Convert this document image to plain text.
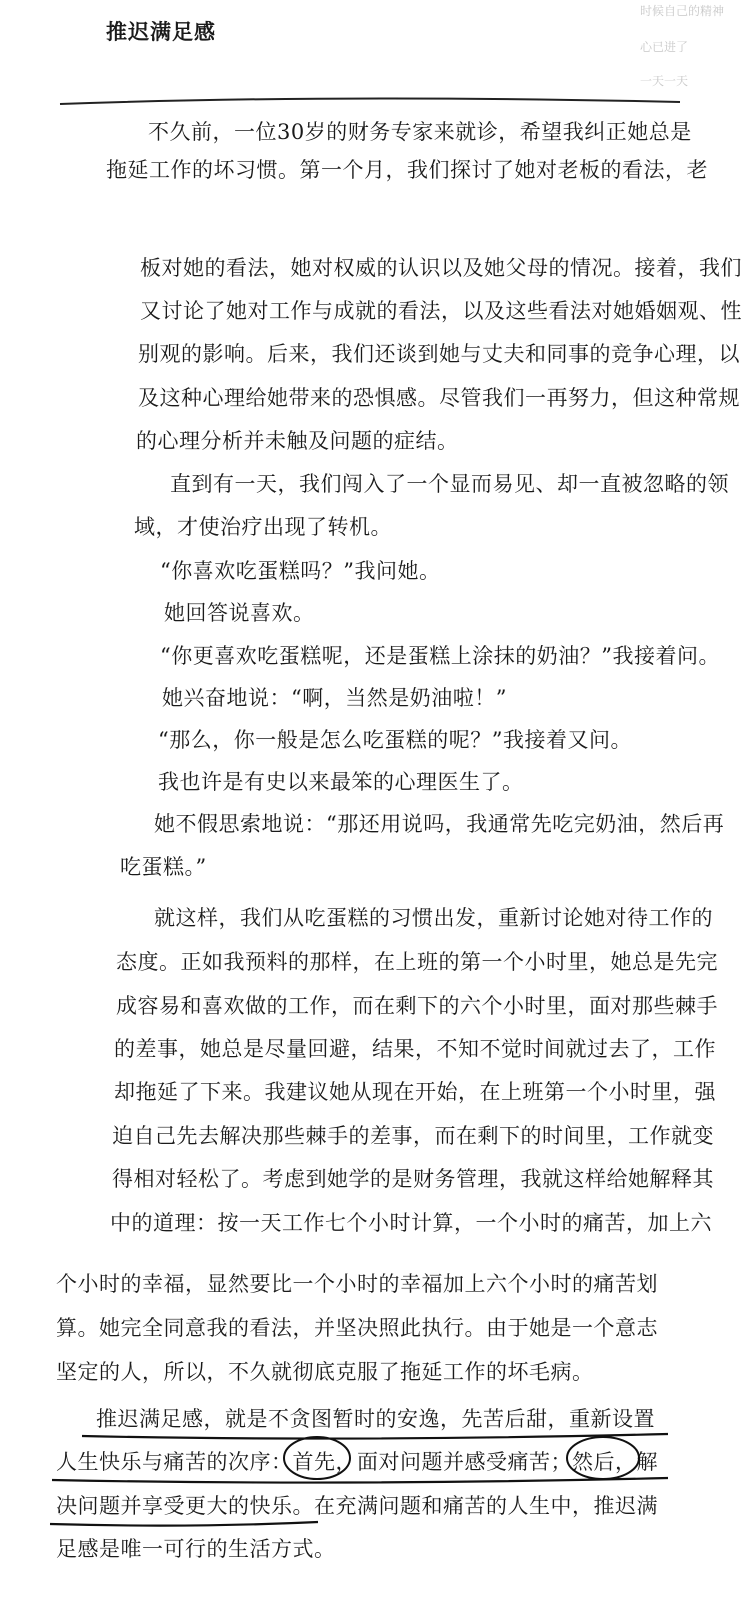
推迟满足感
时候自己的精神
心已进了
一天一天
不久前，一位30岁的财务专家来就诊，希望我纠正她总是
拖延工作的坏习惯。第一个月，我们探讨了她对老板的看法，老
板对她的看法，她对权威的认识以及她父母的情况。接着，我们
又讨论了她对工作与成就的看法，以及这些看法对她婚姻观、性
别观的影响。后来，我们还谈到她与丈夫和同事的竞争心理，以
及这种心理给她带来的恐惧感。尽管我们一再努力，但这种常规
的心理分析并未触及问题的症结。
直到有一天，我们闯入了一个显而易见、却一直被忽略的领
域，才使治疗出现了转机。
“你喜欢吃蛋糕吗？”我问她。
她回答说喜欢。
“你更喜欢吃蛋糕呢，还是蛋糕上涂抹的奶油？”我接着问。
她兴奋地说：“啊，当然是奶油啦！”
“那么，你一般是怎么吃蛋糕的呢？”我接着又问。
我也许是有史以来最笨的心理医生了。
她不假思索地说：“那还用说吗，我通常先吃完奶油，然后再
吃蛋糕。”
就这样，我们从吃蛋糕的习惯出发，重新讨论她对待工作的
态度。正如我预料的那样，在上班的第一个小时里，她总是先完
成容易和喜欢做的工作，而在剩下的六个小时里，面对那些棘手
的差事，她总是尽量回避，结果，不知不觉时间就过去了，工作
却拖延了下来。我建议她从现在开始，在上班第一个小时里，强
迫自己先去解决那些棘手的差事，而在剩下的时间里，工作就变
得相对轻松了。考虑到她学的是财务管理，我就这样给她解释其
中的道理：按一天工作七个小时计算，一个小时的痛苦，加上六
个小时的幸福，显然要比一个小时的幸福加上六个小时的痛苦划
算。她完全同意我的看法，并坚决照此执行。由于她是一个意志
坚定的人，所以，不久就彻底克服了拖延工作的坏毛病。
推迟满足感，就是不贪图暂时的安逸，先苦后甜，重新设置
人生快乐与痛苦的次序：首先，面对问题并感受痛苦；然后，解
决问题并享受更大的快乐。在充满问题和痛苦的人生中，推迟满
足感是唯一可行的生活方式。
